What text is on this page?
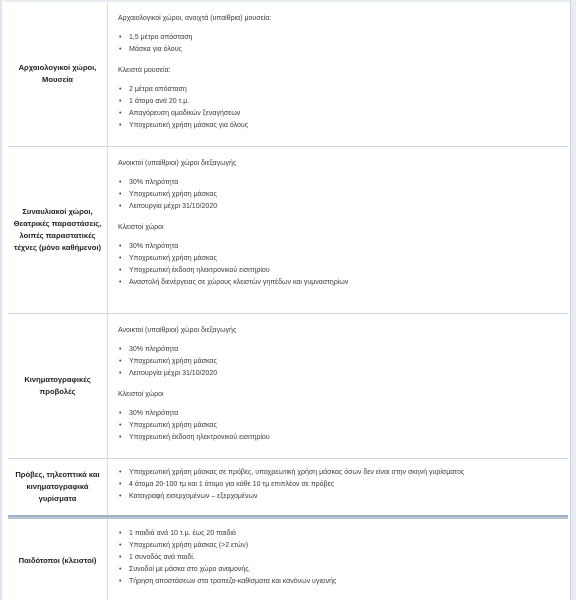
Αρχαιολογικοί χώροι, Μουσεία

Αρχαιολογικοί χώροι, ανοιχτά (υπαίθρια) μουσεία:

• 1,5 μέτρο απόσταση
• Μάσκα για όλους

Κλειστά μουσεία:

• 2 μέτρα απόσταση
• 1 άτομο ανά 20 τ.μ.
• Απαγόρευση ομαδικών ξεναγήσεων
• Υποχρεωτική χρήση μάσκας για όλους
Συναυλιακοί χώροι, Θεατρικές παραστάσεις, λοιπές παραστατικές τέχνες (μόνο καθήμενοι)

Ανοικτοί (υπαίθριοι) χώροι διεξαγωγής

• 30% πληρότητα
• Υποχρεωτική χρήση μάσκας
• Λειτουργία μέχρι 31/10/2020

Κλειστοί χώροι

• 30% πληρότητα
• Υποχρεωτική χρήση μάσκας
• Υποχρεωτική έκδοση ηλεκτρονικού εισιτηρίου
• Αναστολή διενέργειας σε χώρους κλειστών γηπέδων και γυμναστηρίων
Κινηματογραφικές προβολές

Ανοικτοί (υπαίθριοι) χώροι διεξαγωγής

• 30% πληρότητα
• Υποχρεωτική χρήση μάσκας
• Λειτουργία μέχρι 31/10/2020

Κλειστοί χώροι

• 30% πληρότητα
• Υποχρεωτική χρήση μάσκας
• Υποχρεωτική έκδοση ηλεκτρονικού εισιτηρίου
Πρόβες, τηλεοπτικά και κινηματογραφικά γυρίσματα
• Υποχρεωτική χρήση μάσκας σε πρόβες, υποχρεωτική χρήση μάσκας όσων δεν είναι στην σκηνή γυρίσματος
• 4 άτομα 20-100 τμ και 1 άτομο για κάθε 10 τμ επιπλέον σε πρόβες
• Καταγραφή εισερχομένων – εξερχομένων
Παιδότοποι (κλειστοί)
• 1 παιδιά ανά 10 τ.μ. έως 20 παιδιά
• Υποχρεωτική χρήση μάσκας (>2 ετών)
• 1 συνοδός ανά παιδί.
• Συνοδοί με μάσκα στο χώρο αναμονής.
• Τήρηση αποστάσεων στα τραπεζο-καθίσματα και κανόνων υγιεινής
